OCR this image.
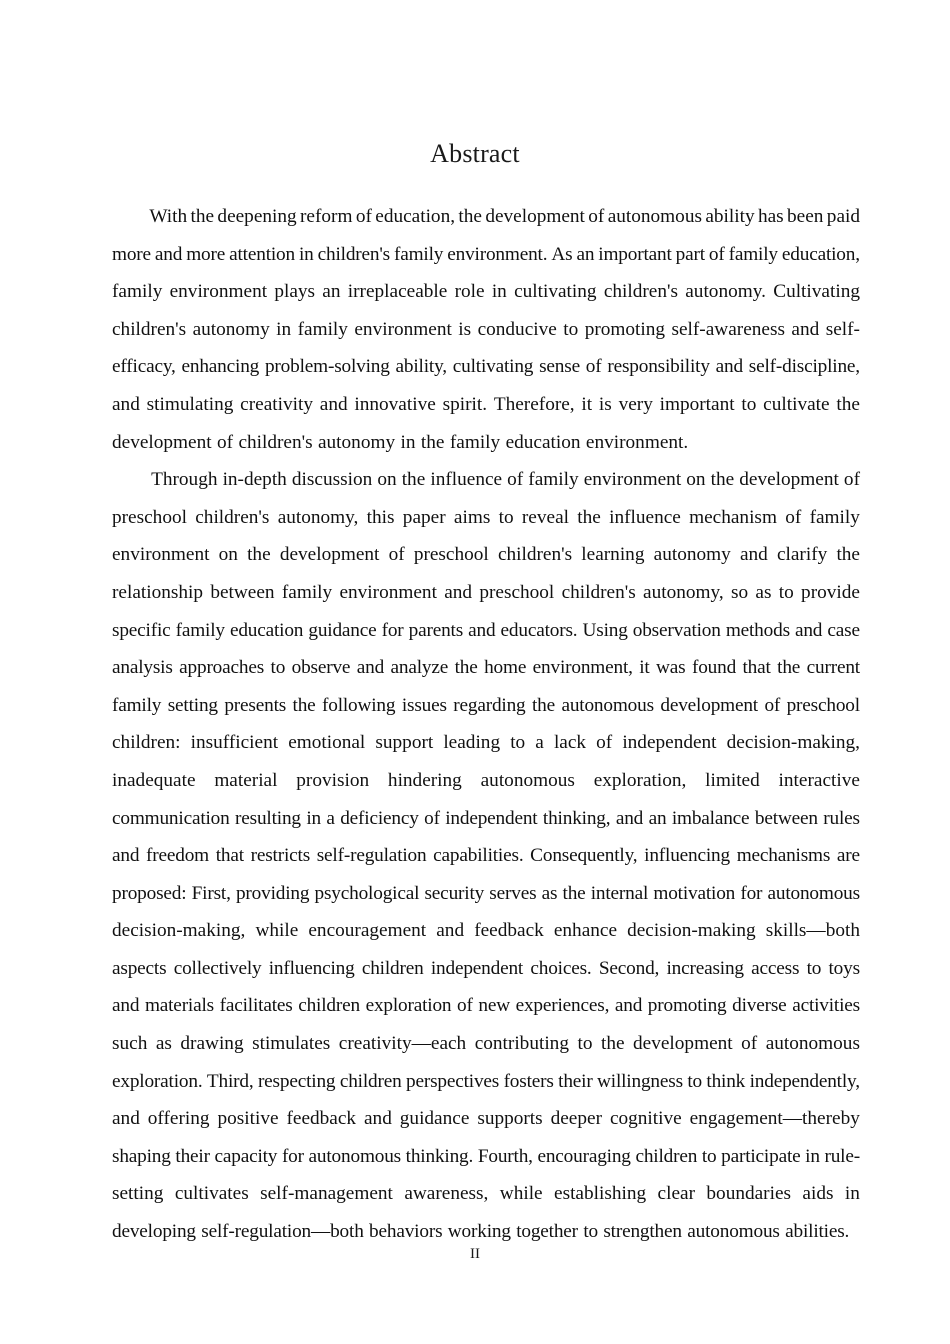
Abstract
With the deepening reform of education, the development of autonomous ability has been paid
more and more attention in children's family environment. As an important part of family education,
family environment plays an irreplaceable role in cultivating children's autonomy. Cultivating
children's autonomy in family environment is conducive to promoting self-awareness and self-
efficacy, enhancing problem-solving ability, cultivating sense of responsibility and self-discipline,
and stimulating creativity and innovative spirit. Therefore, it is very important to cultivate the
development of children's autonomy in the family education environment.
Through in-depth discussion on the influence of family environment on the development of
preschool children's autonomy, this paper aims to reveal the influence mechanism of family
environment on the development of preschool children's learning autonomy and clarify the
relationship between family environment and preschool children's autonomy, so as to provide
specific family education guidance for parents and educators. Using observation methods and case
analysis approaches to observe and analyze the home environment, it was found that the current
family setting presents the following issues regarding the autonomous development of preschool
children: insufficient emotional support leading to a lack of independent decision-making,
inadequate material provision hindering autonomous exploration, limited interactive
communication resulting in a deficiency of independent thinking, and an imbalance between rules
and freedom that restricts self-regulation capabilities. Consequently, influencing mechanisms are
proposed: First, providing psychological security serves as the internal motivation for autonomous
decision-making, while encouragement and feedback enhance decision-making skills—both
aspects collectively influencing children independent choices. Second, increasing access to toys
and materials facilitates children exploration of new experiences, and promoting diverse activities
such as drawing stimulates creativity—each contributing to the development of autonomous
exploration. Third, respecting children perspectives fosters their willingness to think independently,
and offering positive feedback and guidance supports deeper cognitive engagement—thereby
shaping their capacity for autonomous thinking. Fourth, encouraging children to participate in rule-
setting cultivates self-management awareness, while establishing clear boundaries aids in
developing self-regulation—both behaviors working together to strengthen autonomous abilities.
II
